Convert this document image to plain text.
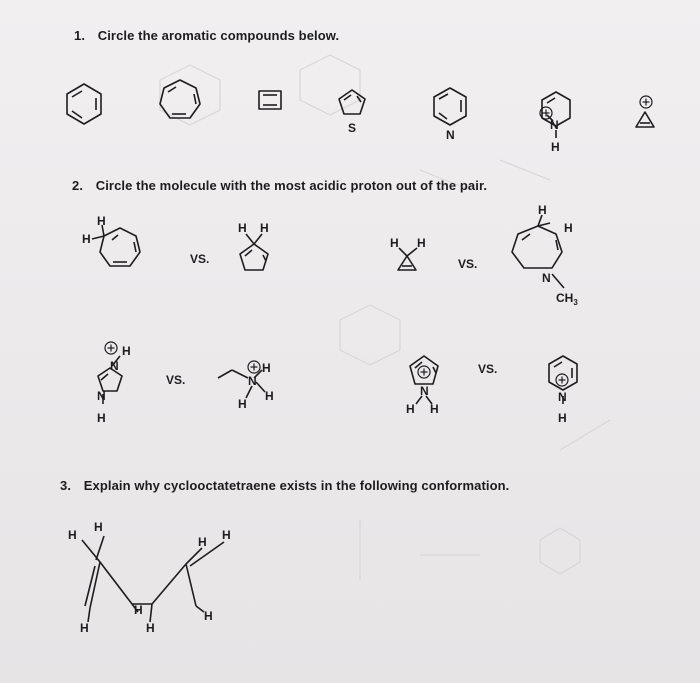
1. Circle the aromatic compounds below.
2. Circle the molecule with the most acidic proton out of the pair.
3. Explain why cyclooctatetraene exists in the following conformation.
S	N
N
H
H
H
H H
H H
H
H
N
$CH_3$
H
N
N
H
H
N
H
H
N
H H
N
H
H
H
H H
H	H
H	H
VS.	VS.
VS.
VS.
